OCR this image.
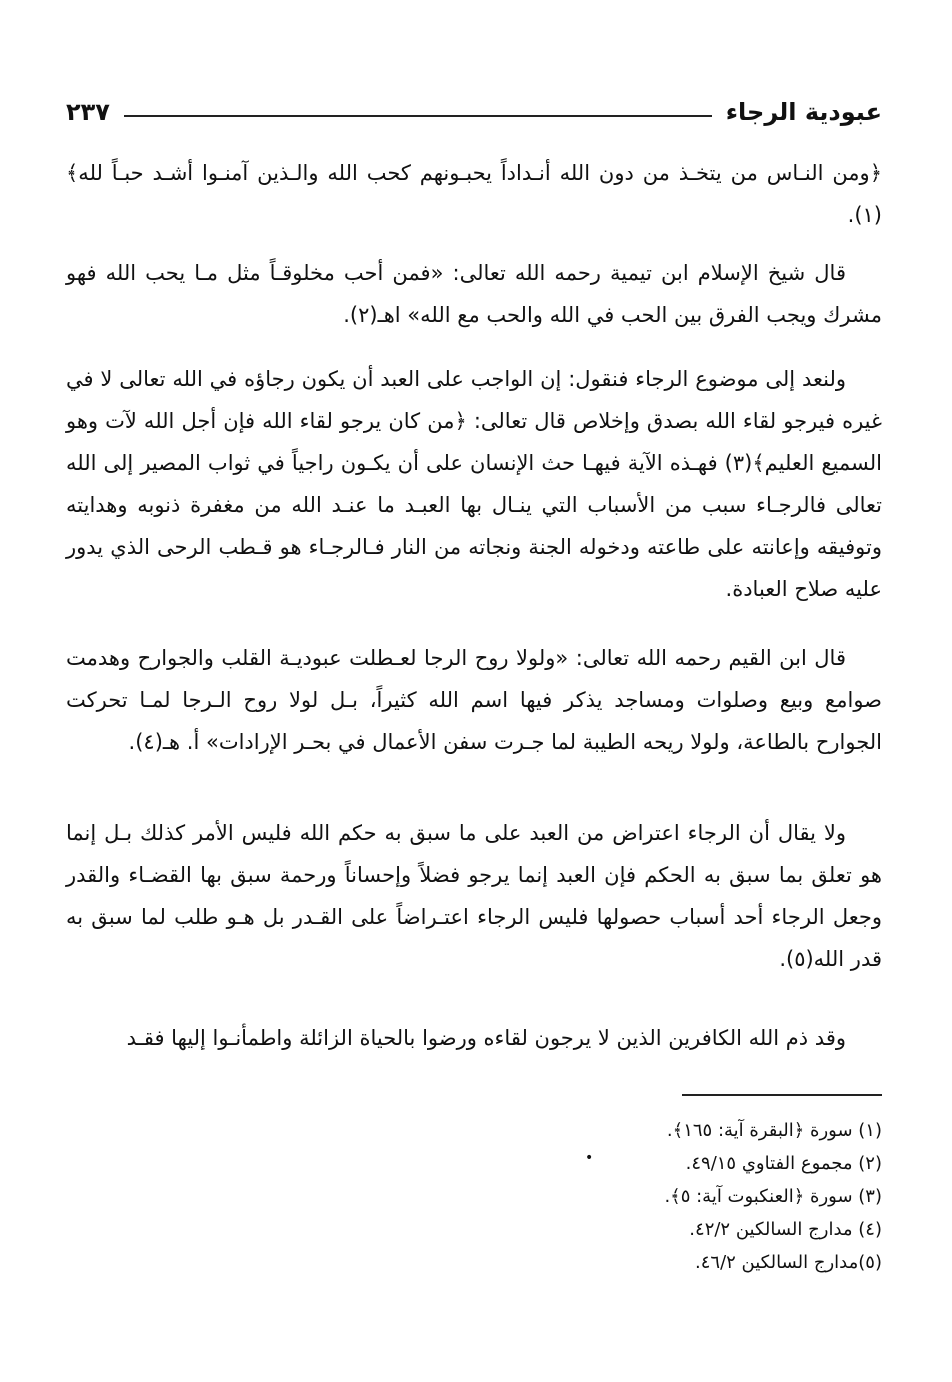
عبودية الرجاء
٢٣٧

﴿ومن النـاس من يتخـذ من دون الله أنـداداً يحبـونهم كحب الله والـذين آمنـوا أشـد حبـاً لله﴾(١).

قال شيخ الإسلام ابن تيمية رحمه الله تعالى: «فمن أحب مخلوقـاً مثل مـا يحب الله فهو مشرك ويجب الفرق بين الحب في الله والحب مع الله» اهـ(٢).

ولنعد إلى موضوع الرجاء فنقول: إن الواجب على العبد أن يكون رجاؤه في الله تعالى لا في غيره فيرجو لقاء الله بصدق وإخلاص قال تعالى: ﴿من كان يرجو لقاء الله فإن أجل الله لآت وهو السميع العليم﴾(٣) فهـذه الآية فيهـا حث الإنسان على أن يكـون راجياً في ثواب المصير إلى الله تعالى فالرجـاء سبب من الأسباب التي ينـال بها العبـد ما عنـد الله من مغفرة ذنوبه وهدايته وتوفيقه وإعانته على طاعته ودخوله الجنة ونجاته من النار فـالرجـاء هو قـطب الرحى الذي يدور عليه صلاح العبادة.

قال ابن القيم رحمه الله تعالى: «ولولا روح الرجا لعـطلت عبوديـة القلب والجوارح وهدمت صوامع وبيع وصلوات ومساجد يذكر فيها اسم الله كثيراً، بـل لولا روح الـرجا لمـا تحركت الجوارح بالطاعة، ولولا ريحه الطيبة لما جـرت سفن الأعمال في بحـر الإرادات» أ. هـ(٤).

ولا يقال أن الرجاء اعتراض من العبد على ما سبق به حكم الله فليس الأمر كذلك بـل إنما هو تعلق بما سبق به الحكم فإن العبد إنما يرجو فضلاً وإحساناً ورحمة سبق بها القضـاء والقدر وجعل الرجاء أحد أسباب حصولها فليس الرجاء اعتـراضاً على القـدر بل هـو طلب لما سبق به قدر الله(٥).

وقد ذم الله الكافرين الذين لا يرجون لقاءه ورضوا بالحياة الزائلة واطمأنـوا إليها فقـد

(١) سورة ﴿البقرة آية: ١٦٥﴾.
(٢) مجموع الفتاوي ٤٩/١٥.
(٣) سورة ﴿العنكبوت آية: ٥﴾.
(٤) مدارج السالكين ٤٢/٢.
(٥)مدارج السالكين ٤٦/٢.
•
